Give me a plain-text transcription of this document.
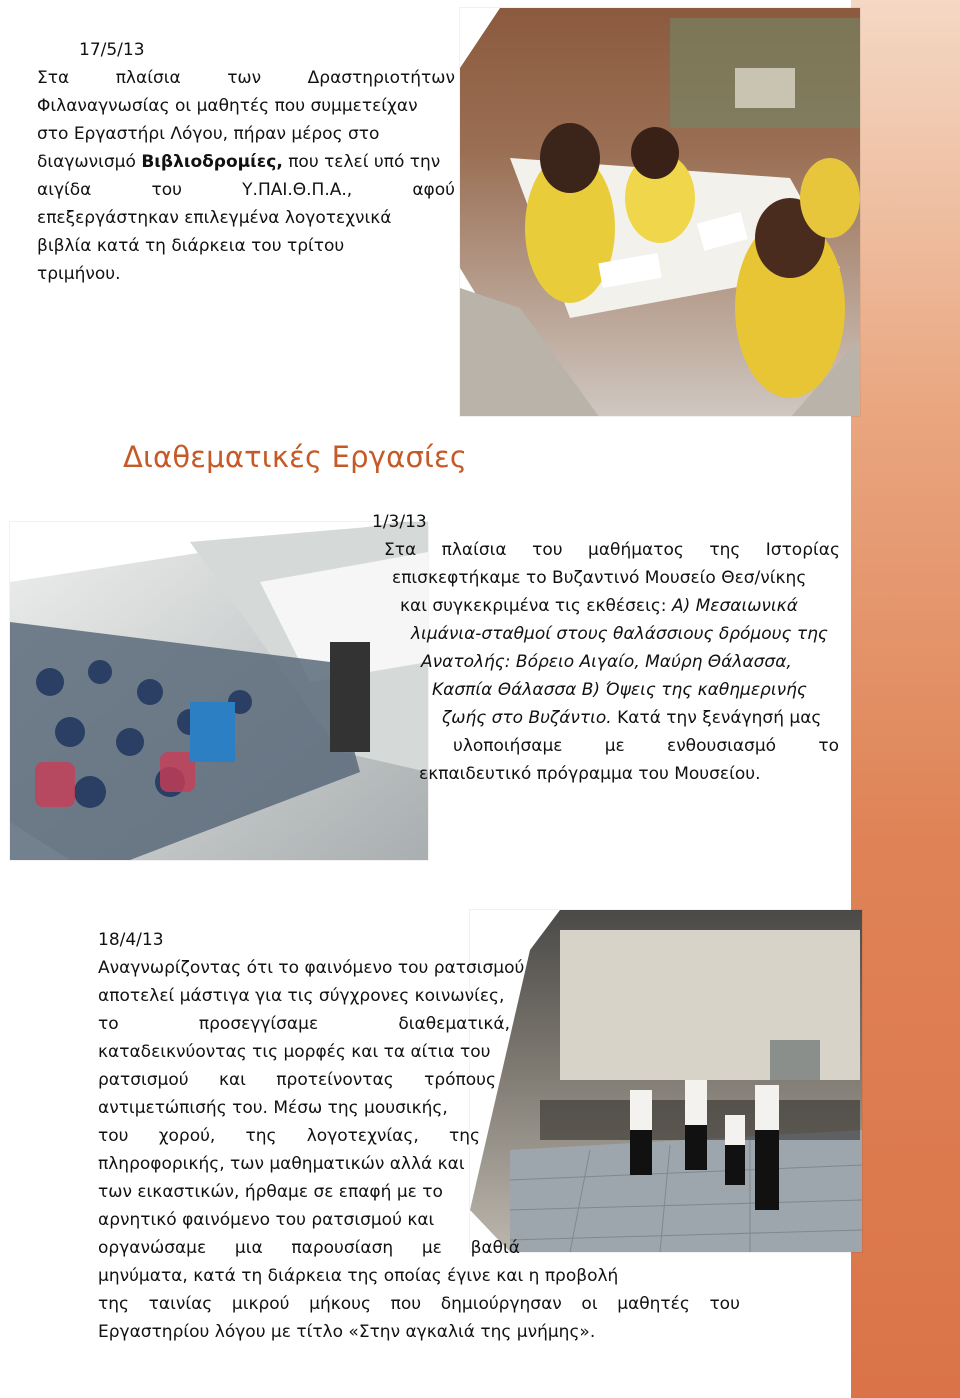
17/5/13

Στα	πλαίσια	των	Δραστηριοτήτων

Φιλαναγνωσίας οι μαθητές που συμμετείχαν

στο Εργαστήρι Λόγου, πήραν μέρος στο

διαγωνισμό Βιβλιοδρομίες, που τελεί υπό την

αιγίδα	του	Υ.ΠΑΙ.Θ.Π.Α.,	αφού

επεξεργάστηκαν επιλεγμένα λογοτεχνικά

βιβλία κατά τη διάρκεια του τρίτου

τριμήνου.

Διαθεματικές Εργασίες

1/3/13

Στα πλαίσια του μαθήματος της Ιστορίας

επισκεφτήκαμε το Βυζαντινό Μουσείο Θεσ/νίκης

και συγκεκριμένα τις εκθέσεις: Α) Μεσαιωνικά

λιμάνια-σταθμοί στους θαλάσσιους δρόμους της

Ανατολής: Βόρειο Αιγαίο, Μαύρη Θάλασσα,

Κασπία Θάλασσα Β) Όψεις της καθημερινής

ζωής στο Βυζάντιο. Κατά την ξενάγησή μας

υλοποιήσαμε με ενθουσιασμό το

εκπαιδευτικό πρόγραμμα του Μουσείου.

18/4/13

Αναγνωρίζοντας ότι το φαινόμενο του ρατσισμού

αποτελεί μάστιγα για τις σύγχρονες κοινωνίες,

το	προσεγγίσαμε	διαθεματικά,

καταδεικνύοντας τις μορφές και τα αίτια του

ρατσισμού και προτείνοντας τρόπους

αντιμετώπισής του. Μέσω της μουσικής,

του χορού, της λογοτεχνίας, της

πληροφορικής, των μαθηματικών αλλά και

των εικαστικών, ήρθαμε σε επαφή με το

αρνητικό φαινόμενο του ρατσισμού και

οργανώσαμε μια παρουσίαση με βαθιά

μηνύματα, κατά τη διάρκεια της οποίας έγινε και η προβολή

της ταινίας μικρού μήκους που δημιούργησαν οι μαθητές του

Εργαστηρίου λόγου με τίτλο «Στην αγκαλιά της μνήμης».
